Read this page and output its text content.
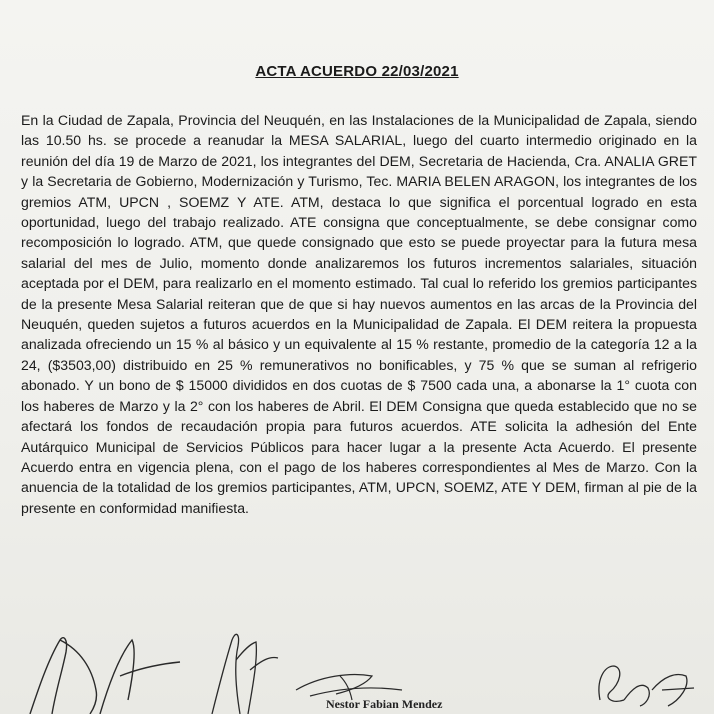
ACTA ACUERDO 22/03/2021

En la Ciudad de Zapala, Provincia del Neuquén, en las Instalaciones de la Municipalidad de Zapala, siendo las 10.50 hs. se procede a reanudar la MESA SALARIAL, luego del cuarto intermedio originado en la reunión del día 19 de Marzo de 2021, los integrantes del DEM, Secretaria de Hacienda, Cra. ANALIA GRET y la Secretaria de Gobierno, Modernización y Turismo, Tec. MARIA BELEN ARAGON, los integrantes de los gremios ATM, UPCN , SOEMZ Y ATE. ATM, destaca lo que significa el porcentual logrado en esta oportunidad, luego del trabajo realizado. ATE consigna que conceptualmente, se debe consignar como recomposición lo logrado. ATM, que quede consignado que esto se puede proyectar para la futura mesa salarial del mes de Julio, momento donde analizaremos los futuros incrementos salariales, situación aceptada por el DEM, para realizarlo en el momento estimado. Tal cual lo referido los gremios participantes de la presente Mesa Salarial reiteran que de que si hay nuevos aumentos en las arcas de la Provincia del Neuquén, queden sujetos a futuros acuerdos en la Municipalidad de Zapala. El DEM reitera la propuesta analizada ofreciendo un 15 % al básico y un equivalente al 15 % restante, promedio de la categoría 12 a la 24, ($3503,00) distribuido en 25 % remunerativos no bonificables, y 75 % que se suman al refrigerio abonado. Y un bono de $ 15000 divididos en dos cuotas de $ 7500 cada una, a abonarse la 1° cuota con los haberes de Marzo y la 2° con los haberes de Abril. El DEM Consigna que queda establecido que no se afectará los fondos de recaudación propia para futuros acuerdos. ATE solicita la adhesión del Ente Autárquico Municipal de Servicios Públicos para hacer lugar a la presente Acta Acuerdo. El presente Acuerdo entra en vigencia plena, con el pago de los haberes correspondientes al Mes de Marzo. Con la anuencia de la totalidad de los gremios participantes, ATM, UPCN, SOEMZ, ATE Y DEM, firman al pie de la presente en conformidad manifiesta.

Nestor Fabian Mendez
